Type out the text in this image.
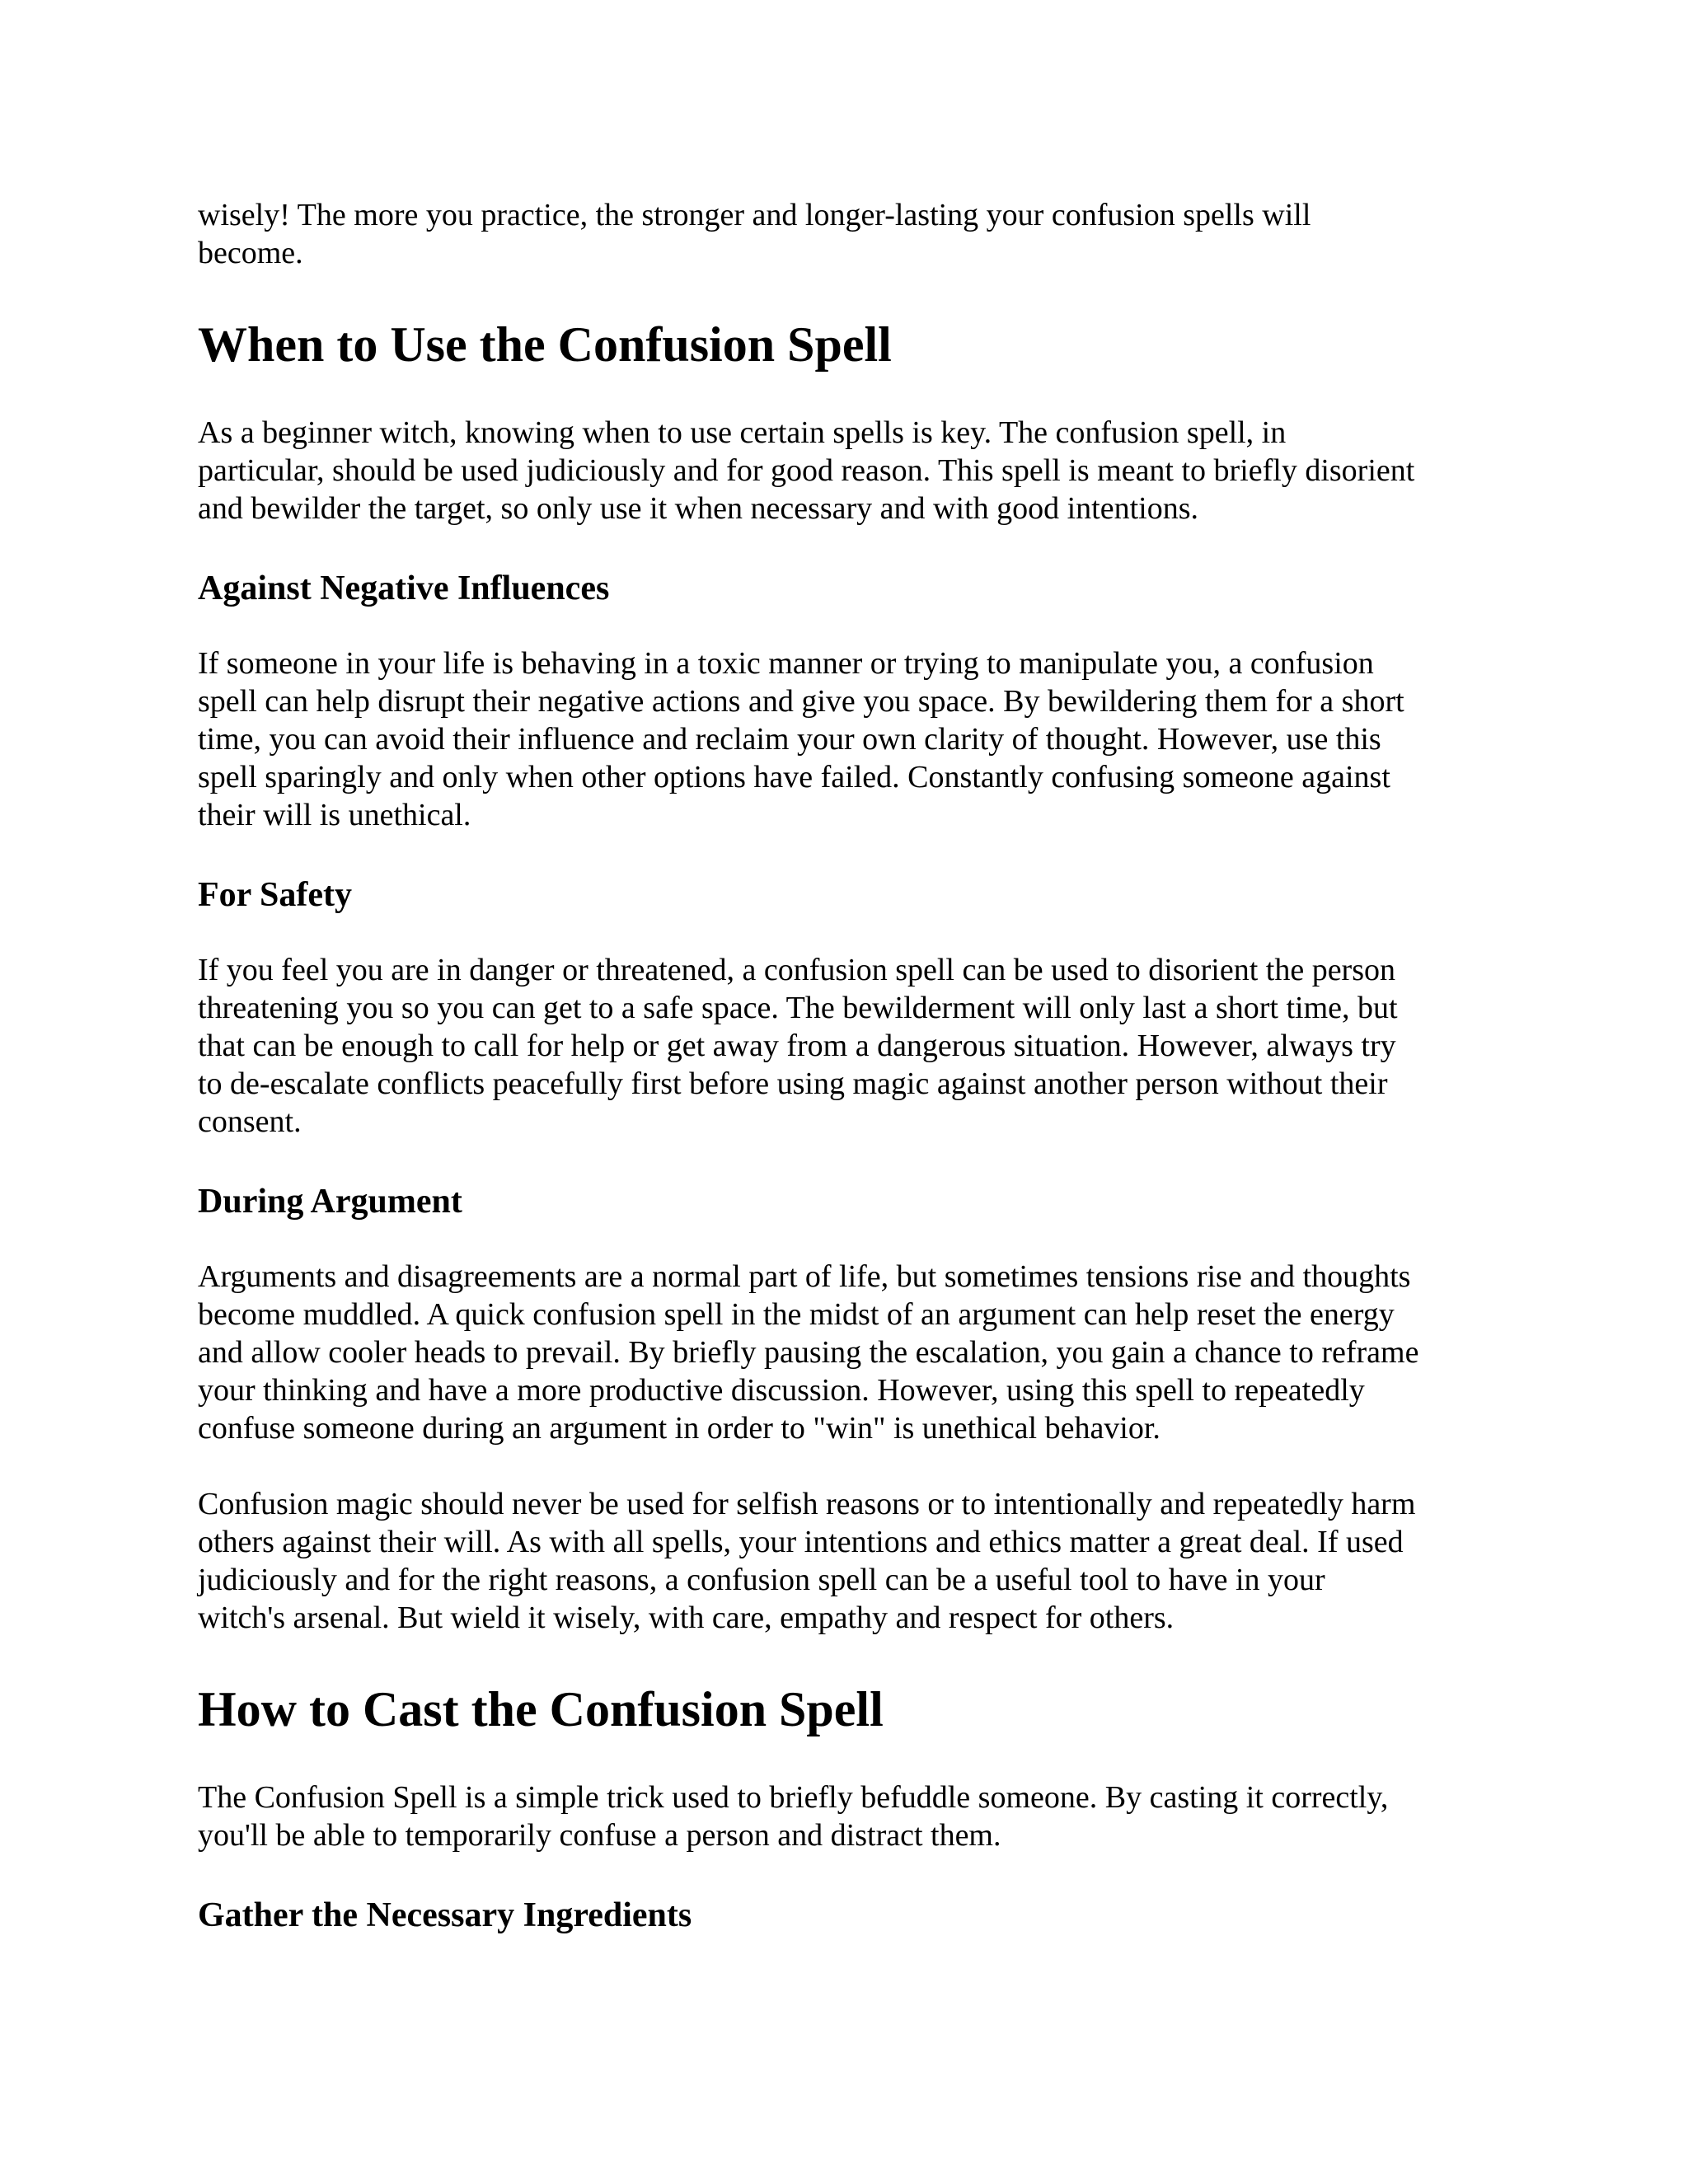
wisely! The more you practice, the stronger and longer-lasting your confusion spells will
become.

When to Use the Confusion Spell

As a beginner witch, knowing when to use certain spells is key. The confusion spell, in
particular, should be used judiciously and for good reason. This spell is meant to briefly disorient
and bewilder the target, so only use it when necessary and with good intentions.

Against Negative Influences

If someone in your life is behaving in a toxic manner or trying to manipulate you, a confusion
spell can help disrupt their negative actions and give you space. By bewildering them for a short
time, you can avoid their influence and reclaim your own clarity of thought. However, use this
spell sparingly and only when other options have failed. Constantly confusing someone against
their will is unethical.

For Safety

If you feel you are in danger or threatened, a confusion spell can be used to disorient the person
threatening you so you can get to a safe space. The bewilderment will only last a short time, but
that can be enough to call for help or get away from a dangerous situation. However, always try
to de-escalate conflicts peacefully first before using magic against another person without their
consent.

During Argument

Arguments and disagreements are a normal part of life, but sometimes tensions rise and thoughts
become muddled. A quick confusion spell in the midst of an argument can help reset the energy
and allow cooler heads to prevail. By briefly pausing the escalation, you gain a chance to reframe
your thinking and have a more productive discussion. However, using this spell to repeatedly
confuse someone during an argument in order to "win" is unethical behavior.

Confusion magic should never be used for selfish reasons or to intentionally and repeatedly harm
others against their will. As with all spells, your intentions and ethics matter a great deal. If used
judiciously and for the right reasons, a confusion spell can be a useful tool to have in your
witch's arsenal. But wield it wisely, with care, empathy and respect for others.

How to Cast the Confusion Spell

The Confusion Spell is a simple trick used to briefly befuddle someone. By casting it correctly,
you'll be able to temporarily confuse a person and distract them.

Gather the Necessary Ingredients
